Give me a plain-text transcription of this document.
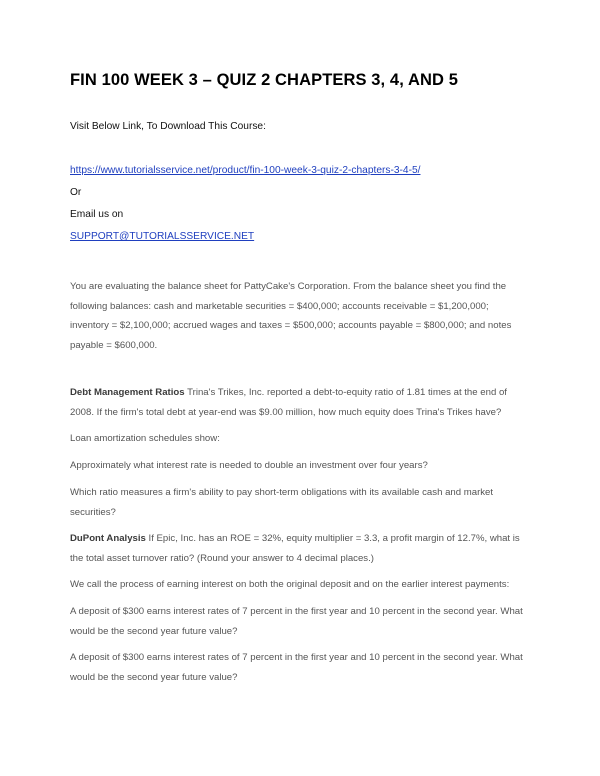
FIN 100 WEEK 3 – QUIZ 2 CHAPTERS 3, 4, AND 5
Visit Below Link, To Download This Course:
https://www.tutorialsservice.net/product/fin-100-week-3-quiz-2-chapters-3-4-5/
Or
Email us on
SUPPORT@TUTORIALSSERVICE.NET
You are evaluating the balance sheet for PattyCake's Corporation. From the balance sheet you find the following balances: cash and marketable securities = $400,000; accounts receivable = $1,200,000; inventory = $2,100,000; accrued wages and taxes = $500,000; accounts payable = $800,000; and notes payable = $600,000.
Debt Management Ratios Trina's Trikes, Inc. reported a debt-to-equity ratio of 1.81 times at the end of 2008. If the firm's total debt at year-end was $9.00 million, how much equity does Trina's Trikes have?
Loan amortization schedules show:
Approximately what interest rate is needed to double an investment over four years?
Which ratio measures a firm's ability to pay short-term obligations with its available cash and market securities?
DuPont Analysis If Epic, Inc. has an ROE = 32%, equity multiplier = 3.3, a profit margin of 12.7%, what is the total asset turnover ratio? (Round your answer to 4 decimal places.)
We call the process of earning interest on both the original deposit and on the earlier interest payments:
A deposit of $300 earns interest rates of 7 percent in the first year and 10 percent in the second year. What would be the second year future value?
A deposit of $300 earns interest rates of 7 percent in the first year and 10 percent in the second year. What would be the second year future value?
